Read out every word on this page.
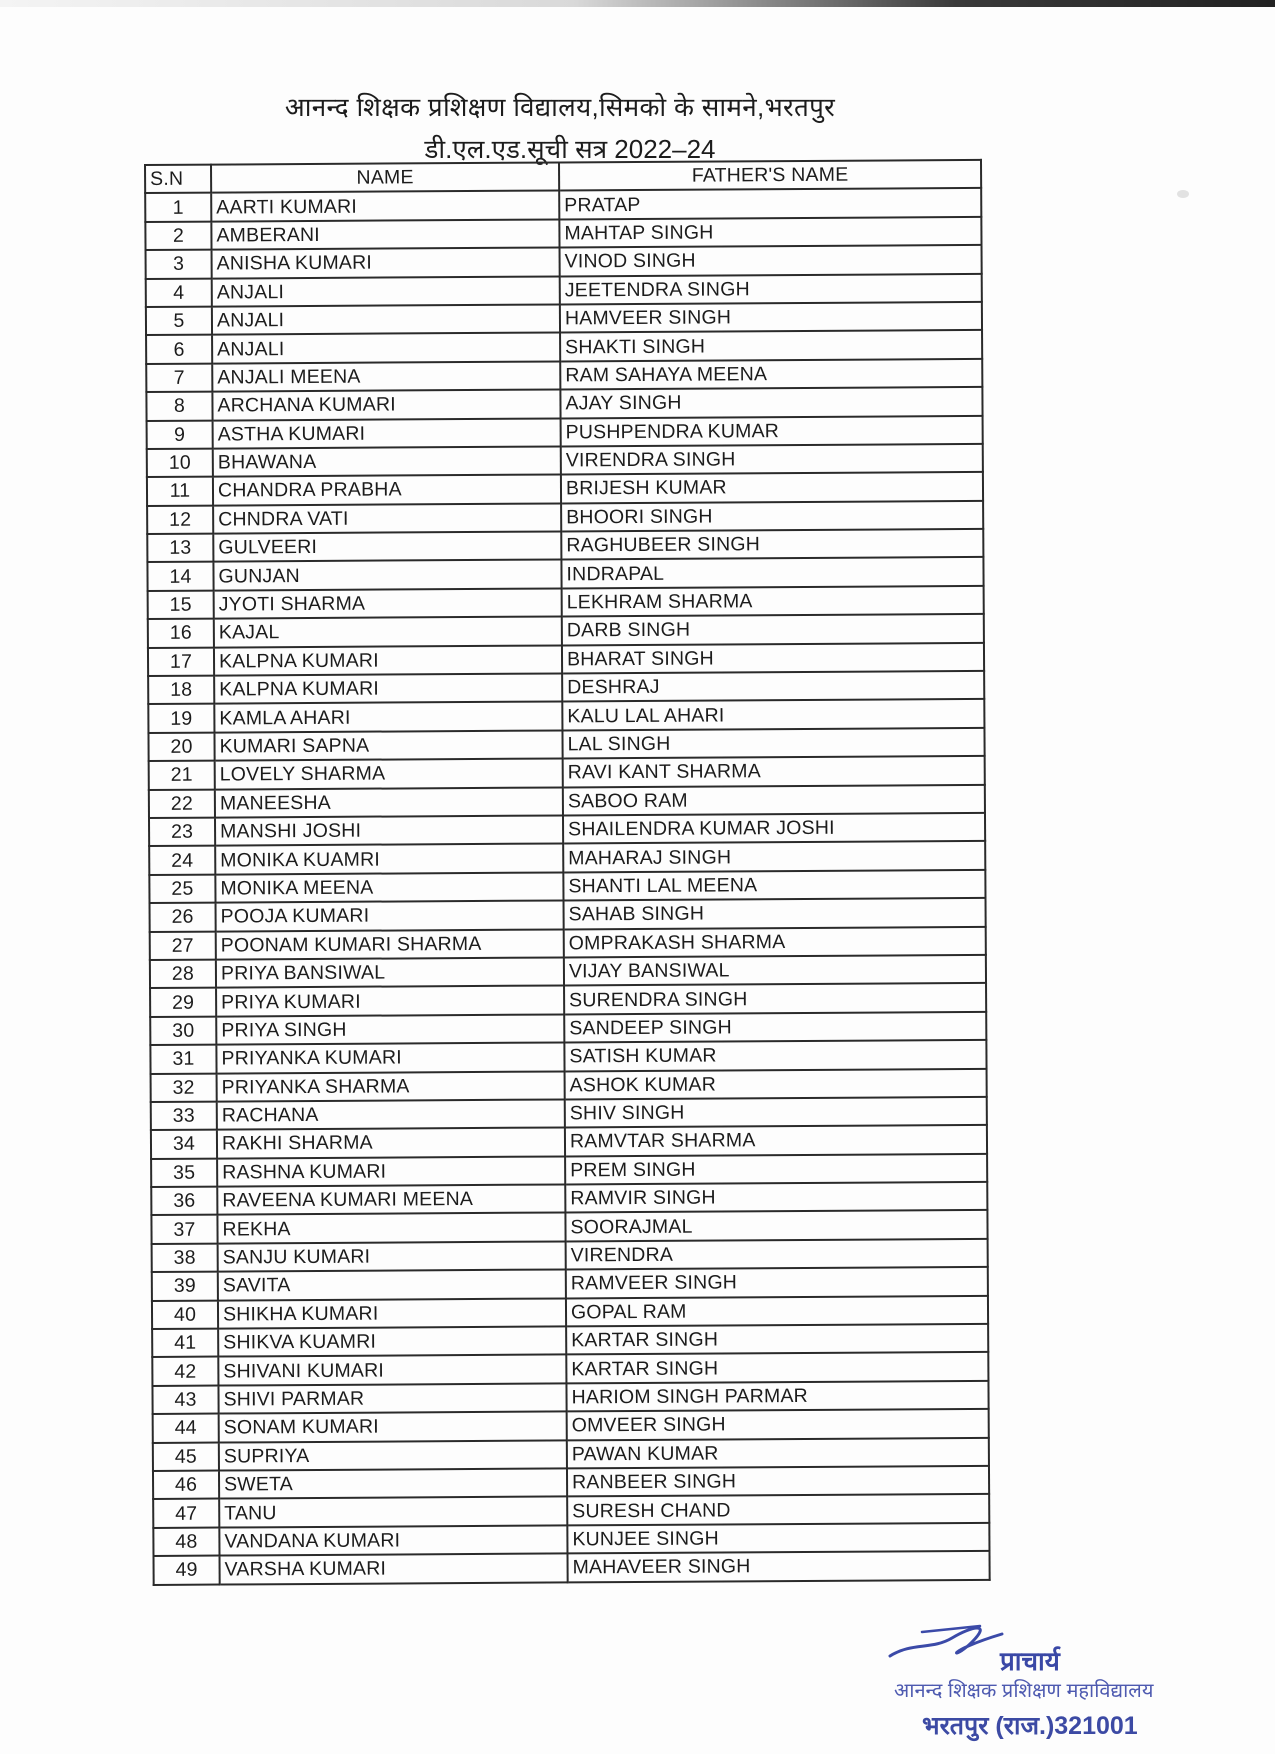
आनन्द शिक्षक प्रशिक्षण विद्यालय,सिमको के सामने,भरतपुर
डी.एल.एड.सूची सत्र 2022–24
S.N	NAME	FATHER'S NAME
1	AARTI KUMARI	PRATAP
2	AMBERANI	MAHTAP SINGH
3	ANISHA KUMARI	VINOD SINGH
4	ANJALI	JEETENDRA SINGH
5	ANJALI	HAMVEER SINGH
6	ANJALI	SHAKTI SINGH
7	ANJALI MEENA	RAM SAHAYA MEENA
8	ARCHANA KUMARI	AJAY SINGH
9	ASTHA KUMARI	PUSHPENDRA KUMAR
10	BHAWANA	VIRENDRA SINGH
11	CHANDRA PRABHA	BRIJESH KUMAR
12	CHNDRA VATI	BHOORI SINGH
13	GULVEERI	RAGHUBEER SINGH
14	GUNJAN	INDRAPAL
15	JYOTI SHARMA	LEKHRAM SHARMA
16	KAJAL	DARB SINGH
17	KALPNA KUMARI	BHARAT SINGH
18	KALPNA KUMARI	DESHRAJ
19	KAMLA AHARI	KALU LAL AHARI
20	KUMARI SAPNA	LAL SINGH
21	LOVELY SHARMA	RAVI KANT SHARMA
22	MANEESHA	SABOO RAM
23	MANSHI JOSHI	SHAILENDRA KUMAR JOSHI
24	MONIKA KUAMRI	MAHARAJ SINGH
25	MONIKA MEENA	SHANTI LAL MEENA
26	POOJA KUMARI	SAHAB SINGH
27	POONAM KUMARI SHARMA	OMPRAKASH SHARMA
28	PRIYA BANSIWAL	VIJAY BANSIWAL
29	PRIYA KUMARI	SURENDRA SINGH
30	PRIYA SINGH	SANDEEP SINGH
31	PRIYANKA KUMARI	SATISH KUMAR
32	PRIYANKA SHARMA	ASHOK KUMAR
33	RACHANA	SHIV SINGH
34	RAKHI SHARMA	RAMVTAR SHARMA
35	RASHNA KUMARI	PREM SINGH
36	RAVEENA KUMARI MEENA	RAMVIR SINGH
37	REKHA	SOORAJMAL
38	SANJU KUMARI	VIRENDRA
39	SAVITA	RAMVEER SINGH
40	SHIKHA KUMARI	GOPAL RAM
41	SHIKVA KUAMRI	KARTAR SINGH
42	SHIVANI KUMARI	KARTAR SINGH
43	SHIVI PARMAR	HARIOM SINGH PARMAR
44	SONAM KUMARI	OMVEER SINGH
45	SUPRIYA	PAWAN KUMAR
46	SWETA	RANBEER SINGH
47	TANU	SURESH CHAND
48	VANDANA KUMARI	KUNJEE SINGH
49	VARSHA KUMARI	MAHAVEER SINGH
प्राचार्य
आनन्द शिक्षक प्रशिक्षण महाविद्यालय
भरतपुर (राज.)321001
